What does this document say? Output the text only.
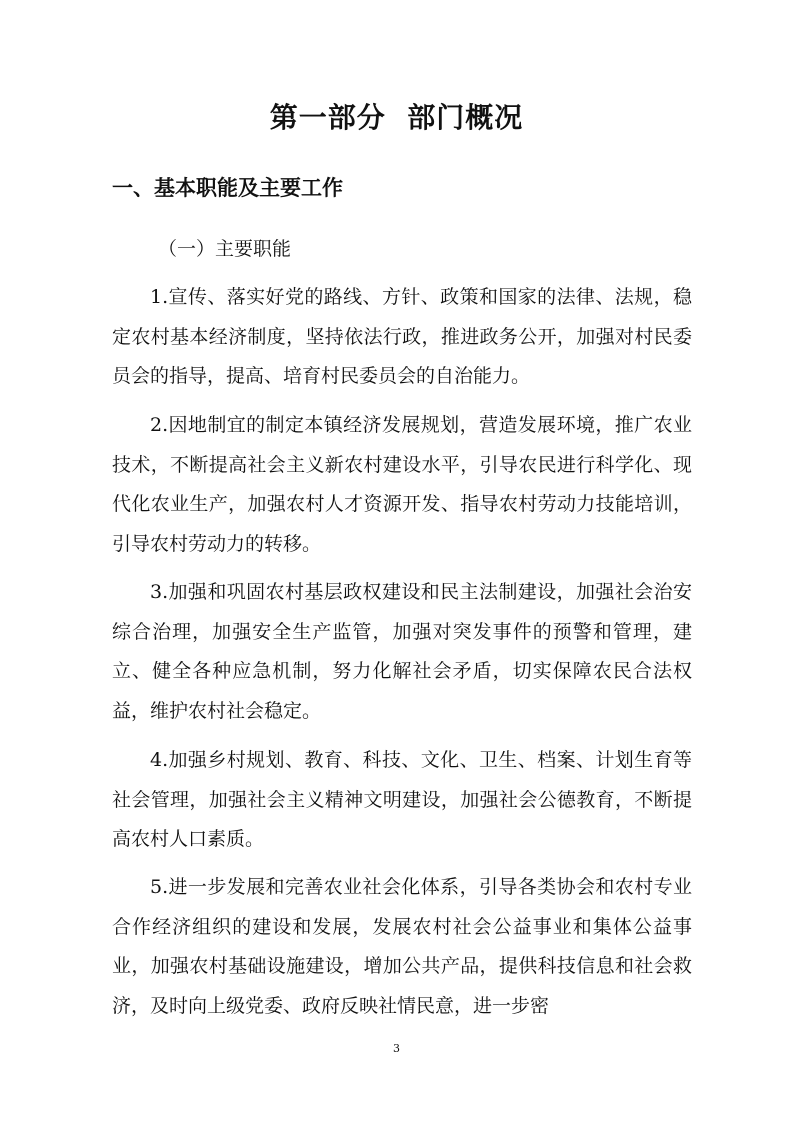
第一部分  部门概况
一、基本职能及主要工作
（一）主要职能
1.宣传、落实好党的路线、方针、政策和国家的法律、法规，稳定农村基本经济制度，坚持依法行政，推进政务公开，加强对村民委员会的指导，提高、培育村民委员会的自治能力。
2.因地制宜的制定本镇经济发展规划，营造发展环境，推广农业技术，不断提高社会主义新农村建设水平，引导农民进行科学化、现代化农业生产，加强农村人才资源开发、指导农村劳动力技能培训，引导农村劳动力的转移。
3.加强和巩固农村基层政权建设和民主法制建设，加强社会治安综合治理，加强安全生产监管，加强对突发事件的预警和管理，建立、健全各种应急机制，努力化解社会矛盾，切实保障农民合法权益，维护农村社会稳定。
4.加强乡村规划、教育、科技、文化、卫生、档案、计划生育等社会管理，加强社会主义精神文明建设，加强社会公德教育，不断提高农村人口素质。
5.进一步发展和完善农业社会化体系，引导各类协会和农村专业合作经济组织的建设和发展，发展农村社会公益事业和集体公益事业，加强农村基础设施建设，增加公共产品，提供科技信息和社会救济，及时向上级党委、政府反映社情民意，进一步密
3
